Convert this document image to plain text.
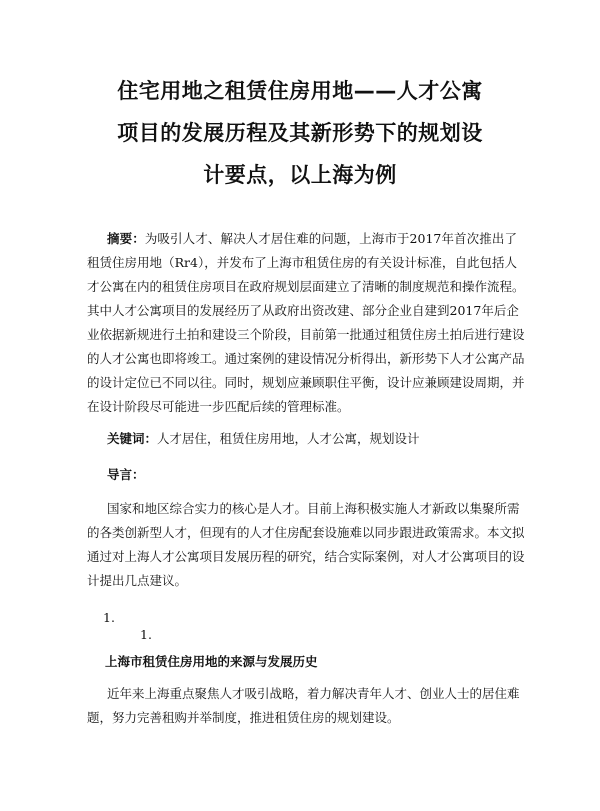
住宅用地之租赁住房用地——人才公寓
项目的发展历程及其新形势下的规划设
计要点，以上海为例
摘要：为吸引人才、解决人才居住难的问题，上海市于2017年首次推出了
租赁住房用地（Rr4），并发布了上海市租赁住房的有关设计标准，自此包括人
才公寓在内的租赁住房项目在政府规划层面建立了清晰的制度规范和操作流程。
其中人才公寓项目的发展经历了从政府出资改建、部分企业自建到2017年后企
业依据新规进行土拍和建设三个阶段，目前第一批通过租赁住房土拍后进行建设
的人才公寓也即将竣工。通过案例的建设情况分析得出，新形势下人才公寓产品
的设计定位已不同以往。同时，规划应兼顾职住平衡，设计应兼顾建设周期，并
在设计阶段尽可能进一步匹配后续的管理标准。
关键词：人才居住，租赁住房用地，人才公寓，规划设计
导言：
国家和地区综合实力的核心是人才。目前上海积极实施人才新政以集聚所需
的各类创新型人才，但现有的人才住房配套设施难以同步跟进政策需求。本文拟
通过对上海人才公寓项目发展历程的研究，结合实际案例，对人才公寓项目的设
计提出几点建议。
1.
1.
上海市租赁住房用地的来源与发展历史
近年来上海重点聚焦人才吸引战略，着力解决青年人才、创业人士的居住难
题，努力完善租购并举制度，推进租赁住房的规划建设。
